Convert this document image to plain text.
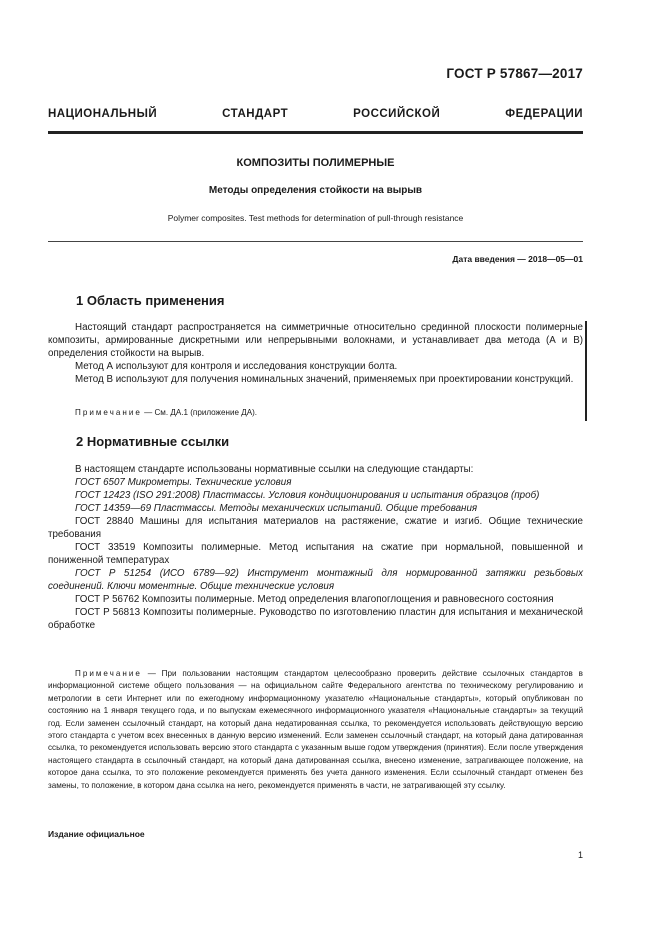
ГОСТ Р 57867—2017
НАЦИОНАЛЬНЫЙ СТАНДАРТ РОССИЙСКОЙ ФЕДЕРАЦИИ
КОМПОЗИТЫ ПОЛИМЕРНЫЕ
Методы определения стойкости на вырыв
Polymer composites. Test methods for determination of pull-through resistance
Дата введения — 2018—05—01
1 Область применения

Настоящий стандарт распространяется на симметричные относительно срединной плоскости полимерные композиты, армированные дискретными или непрерывными волокнами, и устанавливает два метода (А и В) определения стойкости на вырыв.

Метод А используют для контроля и исследования конструкции болта.

Метод В используют для получения номинальных значений, применяемых при проектировании конструкций.

Примечание — См. ДА.1 (приложение ДА).

2 Нормативные ссылки

В настоящем стандарте использованы нормативные ссылки на следующие стандарты:

ГОСТ 6507 Микрометры. Технические условия

ГОСТ 12423 (ISO 291:2008) Пластмассы. Условия кондиционирования и испытания образцов (проб)

ГОСТ 14359—69 Пластмассы. Методы механических испытаний. Общие требования

ГОСТ 28840 Машины для испытания материалов на растяжение, сжатие и изгиб. Общие технические требования

ГОСТ 33519 Композиты полимерные. Метод испытания на сжатие при нормальной, повышенной и пониженной температурах

ГОСТ Р 51254 (ИСО 6789—92) Инструмент монтажный для нормированной затяжки резьбовых соединений. Ключи моментные. Общие технические условия

ГОСТ Р 56762 Композиты полимерные. Метод определения влагопоглощения и равновесного состояния

ГОСТ Р 56813 Композиты полимерные. Руководство по изготовлению пластин для испытания и механической обработке

Примечание — При пользовании настоящим стандартом целесообразно проверить действие ссылочных стандартов в информационной системе общего пользования — на официальном сайте Федерального агентства по техническому регулированию и метрологии в сети Интернет или по ежегодному информационному указателю «Национальные стандарты», который опубликован по состоянию на 1 января текущего года, и по выпускам ежемесячного информационного указателя «Национальные стандарты» за текущий год. Если заменен ссылочный стандарт, на который дана недатированная ссылка, то рекомендуется использовать действующую версию этого стандарта с учетом всех внесенных в данную версию изменений. Если заменен ссылочный стандарт, на который дана датированная ссылка, то рекомендуется использовать версию этого стандарта с указанным выше годом утверждения (принятия). Если после утверждения настоящего стандарта в ссылочный стандарт, на который дана датированная ссылка, внесено изменение, затрагивающее положение, на которое дана ссылка, то это положение рекомендуется применять без учета данного изменения. Если ссылочный стандарт отменен без замены, то положение, в котором дана ссылка на него, рекомендуется применять в части, не затрагивающей эту ссылку.

Издание официальное
1
